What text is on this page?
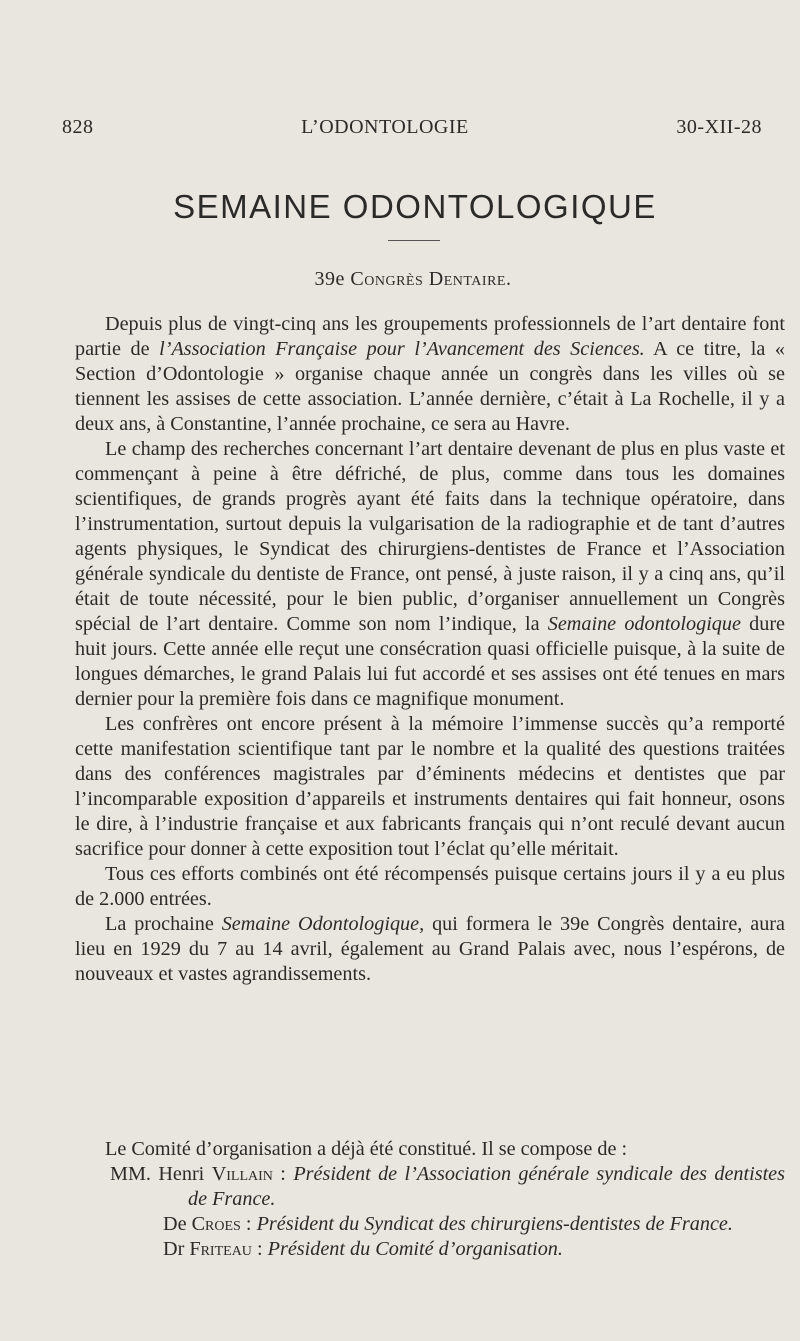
828	L’ODONTOLOGIE	30-XII-28
SEMAINE ODONTOLOGIQUE
39e Congrès Dentaire.

Depuis plus de vingt-cinq ans les groupements professionnels de l’art dentaire font partie de l’Association Française pour l’Avancement des Sciences. A ce titre, la « Section d’Odontologie » organise chaque année un congrès dans les villes où se tiennent les assises de cette association. L’année dernière, c’était à La Rochelle, il y a deux ans, à Constantine, l’année prochaine, ce sera au Havre.

Le champ des recherches concernant l’art dentaire devenant de plus en plus vaste et commençant à peine à être défriché, de plus, comme dans tous les domaines scientifiques, de grands progrès ayant été faits dans la technique opératoire, dans l’instrumentation, surtout depuis la vulgarisation de la radiographie et de tant d’autres agents physiques, le Syndicat des chirurgiens-dentistes de France et l’Association générale syndicale du dentiste de France, ont pensé, à juste raison, il y a cinq ans, qu’il était de toute nécessité, pour le bien public, d’organiser annuellement un Congrès spécial de l’art dentaire. Comme son nom l’indique, la Semaine odontologique dure huit jours. Cette année elle reçut une consécration quasi officielle puisque, à la suite de longues démarches, le grand Palais lui fut accordé et ses assises ont été tenues en mars dernier pour la première fois dans ce magnifique monument.

Les confrères ont encore présent à la mémoire l’immense succès qu’a remporté cette manifestation scientifique tant par le nombre et la qualité des questions traitées dans des conférences magistrales par d’éminents médecins et dentistes que par l’incomparable exposition d’appareils et instruments dentaires qui fait honneur, osons le dire, à l’industrie française et aux fabricants français qui n’ont reculé devant aucun sacrifice pour donner à cette exposition tout l’éclat qu’elle méritait.

Tous ces efforts combinés ont été récompensés puisque certains jours il y a eu plus de 2.000 entrées.

La prochaine Semaine Odontologique, qui formera le 39e Congrès dentaire, aura lieu en 1929 du 7 au 14 avril, également au Grand Palais avec, nous l’espérons, de nouveaux et vastes agrandissements.

Le Comité d’organisation a déjà été constitué. Il se compose de :

MM. Henri Villain : Président de l’Association générale syndicale des dentistes de France.

De Croes : Président du Syndicat des chirurgiens-dentistes de France.

Dr Friteau : Président du Comité d’organisation.
